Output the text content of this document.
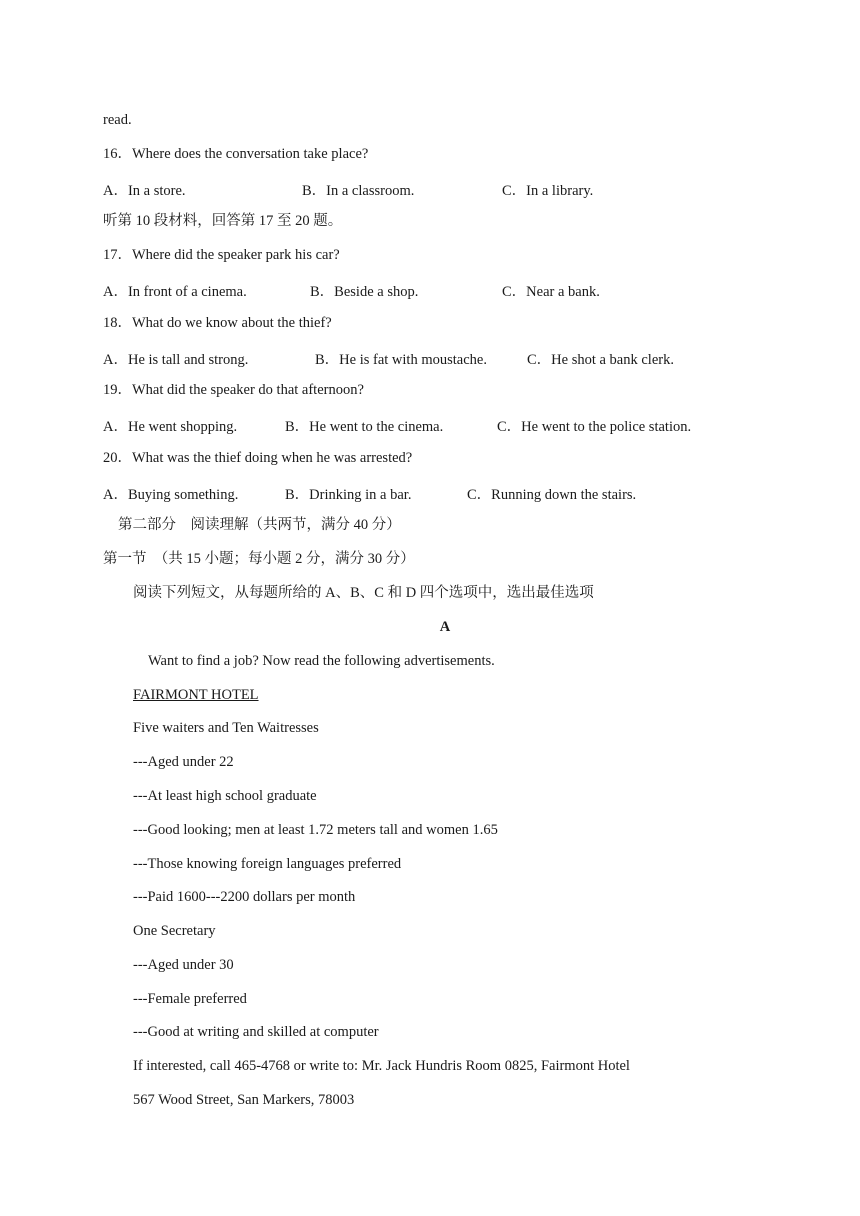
read.
16．Where does the conversation take place?
A．In a store.	B．In a classroom.	C．In a library.
听第 10 段材料，回答第 17 至 20 题。
17．Where did the speaker park his car?
A．In front of a cinema.	B．Beside a shop.	C．Near a bank.
18．What do we know about the thief?
A．He is tall and strong.	B．He is fat with moustache.	C．He shot a bank clerk.
19．What did the speaker do that afternoon?
A．He went shopping.	B．He went to the cinema.	C．He went to the police station.
20．What was the thief doing when he was arrested?
A．Buying something.	B．Drinking in a bar.	C．Running down the stairs.
第二部分　阅读理解（共两节，满分 40 分）
第一节　（共 15 小题；每小题 2 分，满分 30 分）
阅读下列短文，从每题所给的 A、B、C 和 D 四个选项中，选出最佳选项
A
Want to find a job? Now read the following advertisements.
FAIRMONT HOTEL
Five waiters and Ten Waitresses
---Aged under 22
---At least high school graduate
---Good looking; men at least 1.72 meters tall and women 1.65
---Those knowing foreign languages preferred
---Paid 1600---2200 dollars per month
One Secretary
---Aged under 30
---Female preferred
---Good at writing and skilled at computer
If interested, call 465-4768 or write to: Mr. Jack Hundris Room 0825, Fairmont Hotel
567 Wood Street, San Markers, 78003
